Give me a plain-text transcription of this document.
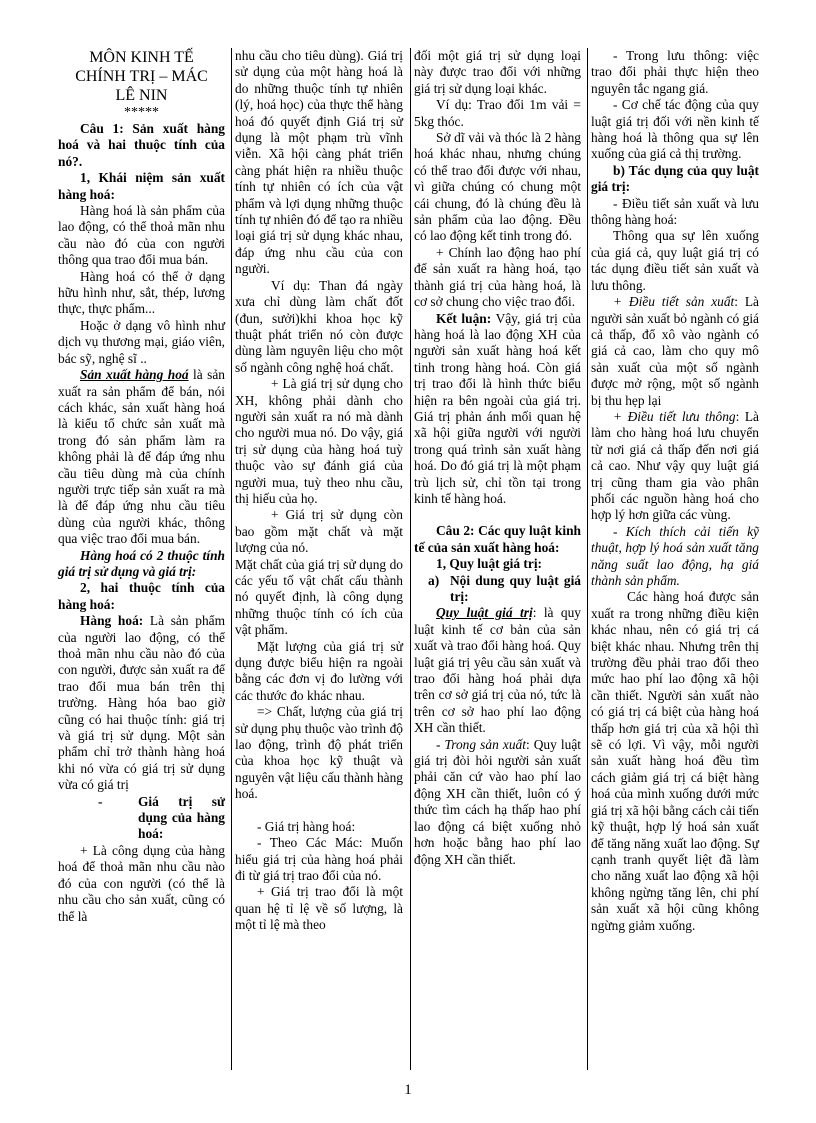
MÔN KINH TẾ
CHÍNH TRỊ – MÁC
LÊ NIN
*****

Câu 1: Sản xuất hàng hoá và hai thuộc tính của nó?.

1, Khái niệm sản xuất hàng hoá:

Hàng hoá là sản phẩm của lao động, có thể thoả mãn nhu cầu nào đó của con người thông qua trao đổi mua bán.

Hàng hoá có thể ở dạng hữu hình như, sắt, thép, lương thực, thực phẩm...

Hoặc ở dạng vô hình như dịch vụ thương mại, giáo viên, bác sỹ, nghệ sĩ ..

Sản xuất hàng hoá là sản xuất ra sản phẩm để bán, nói cách khác, sản xuất hàng hoá là kiểu tổ chức sản xuất mà trong đó sản phẩm làm ra không phải là để đáp ứng nhu cầu tiêu dùng mà của chính người trực tiếp sản xuất ra mà là để đáp ứng nhu cầu tiêu dùng của người khác, thông qua việc trao đổi mua bán.

Hàng hoá có 2 thuộc tính giá trị sử dụng và giá trị:

2, hai thuộc tính của hàng hoá:

Hàng hoá: Là sản phẩm của người lao động, có thể thoả mãn nhu cầu nào đó của con người, được sản xuất ra để trao đổi mua bán trên thị trường. Hàng hóa bao giờ cũng có hai thuộc tính: giá trị và giá trị sử dụng. Một sản phẩm chỉ trở thành hàng hoá khi nó vừa có giá trị sử dụng vừa có giá trị

-	Giá trị sử dụng của hàng hoá:

+ Là công dụng của hàng hoá để thoả mãn nhu cầu nào đó của con người (có thể là nhu cầu cho sản xuất, cũng có thể là

nhu cầu cho tiêu dùng). Giá trị sử dụng của một hàng hoá là do những thuộc tính tự nhiên (lý, hoá học) của thực thể hàng hoá đó quyết định Giá trị sử dụng là một phạm trù vĩnh viễn. Xã hội càng phát triển càng phát hiện ra nhiều thuộc tính tự nhiên có ích của vật phẩm và lợi dụng những thuộc tính tự nhiên đó để tạo ra nhiều loại giá trị sử dụng khác nhau, đáp ứng nhu cầu của con người.

Ví dụ: Than đá ngày xưa chỉ dùng làm chất đốt (đun, sưởi)khi khoa học kỹ thuật phát triển nó còn được dùng làm nguyên liệu cho một số ngành công nghệ hoá chất.

+ Là giá trị sử dụng cho XH, không phải dành cho người sản xuất ra nó mà dành cho người mua nó. Do vậy, giá trị sử dụng của hàng hoá tuỳ thuộc vào sự đánh giá của người mua, tuỳ theo nhu cầu, thị hiếu của họ.

+ Giá trị sử dụng còn bao gồm mặt chất và mặt lượng của nó.

Mặt chất của giá trị sử dụng do các yếu tố vật chất cấu thành nó quyết định, là công dụng những thuộc tính có ích của vật phẩm.

Mặt lượng của giá trị sử dụng được biểu hiện ra ngoài bằng các đơn vị đo lường với các thước đo khác nhau.

=> Chất, lượng của giá trị sử dụng phụ thuộc vào trình độ lao động, trình độ phát triển của khoa học kỹ thuật và nguyên vật liệu cấu thành hàng hoá.

- Giá trị hàng hoá:

- Theo Các Mác: Muốn hiểu giá trị của hàng hoá phải đi từ giá trị trao đổi của nó.

+ Giá trị trao đổi là một quan hệ tỉ lệ về số lượng, là một tỉ lệ mà theo

đối một giá trị sử dụng loại này được trao đổi với những giá trị sử dụng loại khác.

Ví dụ: Trao đổi 1m vải = 5kg thóc.

Sở dĩ vải và thóc là 2 hàng hoá khác nhau, nhưng chúng có thể trao đổi được với nhau, vì giữa chúng có chung một cái chung, đó là chúng đều là sản phẩm của lao động. Đều có lao động kết tinh trong đó.

+ Chính lao động hao phí để sản xuất ra hàng hoá, tạo thành giá trị của hàng hoá, là cơ sở chung cho việc trao đổi.

Kết luận: Vậy, giá trị của hàng hoá là lao động XH của người sản xuất hàng hoá kết tinh trong hàng hoá. Còn giá trị trao đổi là hình thức biểu hiện ra bên ngoài của giá trị. Giá trị phản ánh mối quan hệ xã hội giữa người với người trong quá trình sản xuất hàng hoá. Do đó giá trị là một phạm trù lịch sử, chỉ tồn tại trong kinh tế hàng hoá.

Câu 2: Các quy luật kinh tế của sản xuất hàng hoá:

1, Quy luật giá trị:

a) Nội dung quy luật giá trị:

Quy luật giá trị: là quy luật kinh tế cơ bản của sản xuất và trao đổi hàng hoá. Quy luật giá trị yêu cầu sản xuất và trao đổi hàng hoá phải dựa trên cơ sở giá trị của nó, tức là trên cơ sở hao phí lao động XH cần thiết.

- Trong sản xuất: Quy luật giá trị đòi hỏi người sản xuất phải căn cứ vào hao phí lao động XH cần thiết, luôn có ý thức tìm cách hạ thấp hao phí lao động cá biệt xuống nhỏ hơn hoặc bằng hao phí lao động XH cần thiết.

- Trong lưu thông: việc trao đổi phải thực hiện theo nguyên tắc ngang giá.

- Cơ chế tác động của quy luật giá trị đối với nền kinh tế hàng hoá là thông qua sự lên xuống của giá cả thị trường.

b) Tác dụng của quy luật giá trị:

- Điều tiết sản xuất và lưu thông hàng hoá:

Thông qua sự lên xuống của giá cả, quy luật giá trị có tác dụng điều tiết sản xuất và lưu thông.

+ Điều tiết sản xuất: Là người sản xuất bỏ ngành có giá cả thấp, đổ xô vào ngành có giá cả cao, làm cho quy mô sản xuất của một số ngành được mở rộng, một số ngành bị thu hẹp lại

+ Điều tiết lưu thông: Là làm cho hàng hoá lưu chuyển từ nơi giá cả thấp đến nơi giá cả cao. Như vậy quy luật giá trị cũng tham gia vào phân phối các nguồn hàng hoá cho hợp lý hơn giữa các vùng.

- Kích thích cải tiến kỹ thuật, hợp lý hoá sản xuất tăng năng suất lao động, hạ giá thành sản phẩm.

Các hàng hoá được sản xuất ra trong những điều kiện khác nhau, nên có giá trị cá biệt khác nhau. Nhưng trên thị trường đều phải trao đổi theo mức hao phí lao động xã hội cần thiết. Người sản xuất nào có giá trị cá biệt của hàng hoá thấp hơn giá trị của xã hội thì sẽ có lợi. Vì vậy, mỗi người sản xuất hàng hoá đều tìm cách giảm giá trị cá biệt hàng hoá của mình xuống dưới mức giá trị xã hội bằng cách cải tiến kỹ thuật, hợp lý hoá sản xuất để tăng năng xuất lao động. Sự cạnh tranh quyết liệt đã làm cho năng xuất lao động xã hội không ngừng tăng lên, chi phí sản xuất xã hội cũng không ngừng giảm xuống.

1
